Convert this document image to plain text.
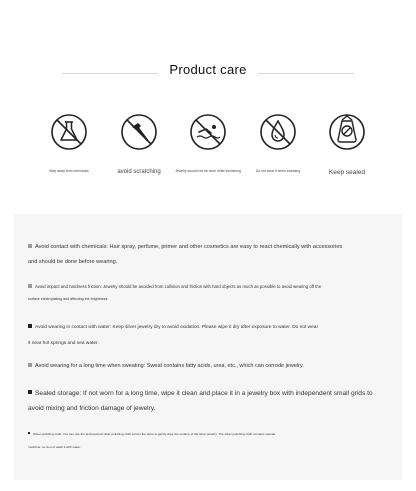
Product care
Stay away from chemicals	avoid scratching	Jewelry should not be worn while swimming	Do not wear it when sweating	Keep sealed
Avoid contact with chemicals: Hair spray, perfume, primer and other cosmetics are easy to react chemically with accessories
and should be done before wearing.
Avoid impact and hardness friction: Jewelry should be avoided from collision and friction with hard objects as much as possible to avoid wearing off the
surface electroplating and affecting the brightness.
Avoid wearing in contact with water: Keep silver jewelry dry to avoid oxidation. Please wipe it dry after exposure to water. Do not wear
it near hot springs and sea water.
Avoid wearing for a long time when sweating: Sweat contains fatty acids, urea, etc., which can corrode jewelry.
Sealed storage: If not worn for a long time, wipe it clean and place it in a jewelry box with independent small grids to
avoid mixing and friction damage of jewelry.
Silver polishing cloth: You can use the professional silver polishing cloth sold in the store to gently wipe the surface of the silver jewelry. The silver polishing cloth contains special
medicine, so do not wash it with water.
